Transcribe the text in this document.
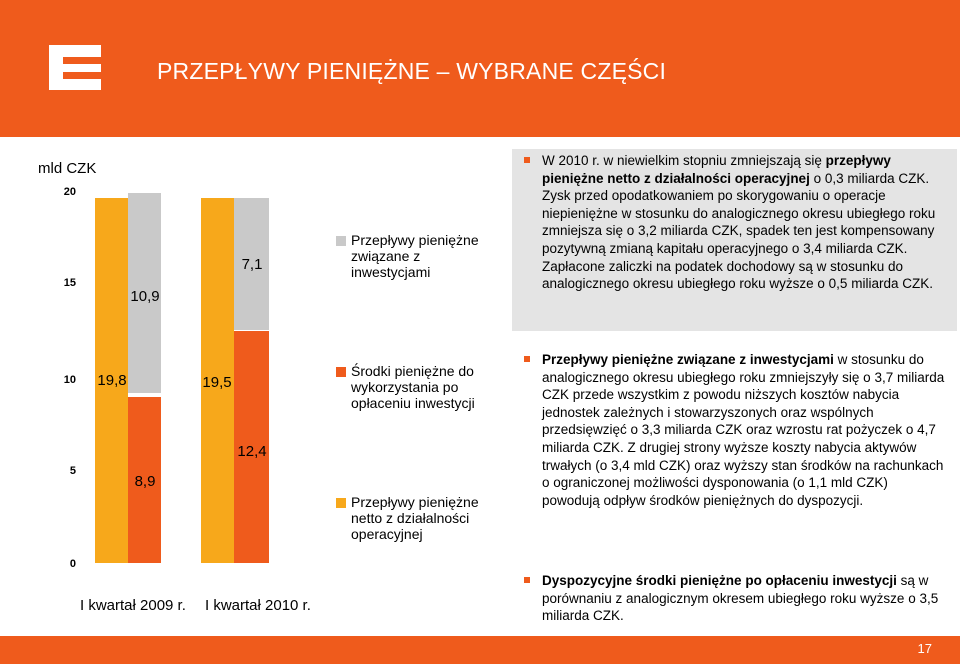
PRZEPŁYWY PIENIĘŻNE – WYBRANE CZĘŚCI
mld CZK
20
15
10
5
0
19,8
10,9
8,9
19,5
7,1
12,4
I kwartał 2009 r. I kwartał 2010 r.
Przepływy pieniężne związane z inwestycjami
Środki pieniężne do wykorzystania po opłaceniu inwestycji
Przepływy pieniężne netto z działalności operacyjnej
W 2010 r. w niewielkim stopniu zmniejszają się przepływy pieniężne netto z działalności operacyjnej o 0,3 miliarda CZK. Zysk przed opodatkowaniem po skorygowaniu o operacje niepieniężne w stosunku do analogicznego okresu ubiegłego roku zmniejsza się o 3,2 miliarda CZK, spadek ten jest kompensowany pozytywną zmianą kapitału operacyjnego o 3,4 miliarda CZK. Zapłacone zaliczki na podatek dochodowy są w stosunku do analogicznego okresu ubiegłego roku wyższe o 0,5 miliarda CZK.
Przepływy pieniężne związane z inwestycjami w stosunku do analogicznego okresu ubiegłego roku zmniejszyły się o 3,7 miliarda CZK przede wszystkim z powodu niższych kosztów nabycia jednostek zależnych i stowarzyszonych oraz wspólnych przedsięwzięć o 3,3 miliarda CZK oraz wzrostu rat pożyczek o 4,7 miliarda CZK. Z drugiej strony wyższe koszty nabycia aktywów trwałych (o 3,4 mld CZK) oraz wyższy stan środków na rachunkach o ograniczonej możliwości dysponowania (o 1,1 mld CZK) powodują odpływ środków pieniężnych do dyspozycji.
Dyspozycyjne środki pieniężne po opłaceniu inwestycji są w porównaniu z analogicznym okresem ubiegłego roku wyższe o 3,5 miliarda CZK.
17
